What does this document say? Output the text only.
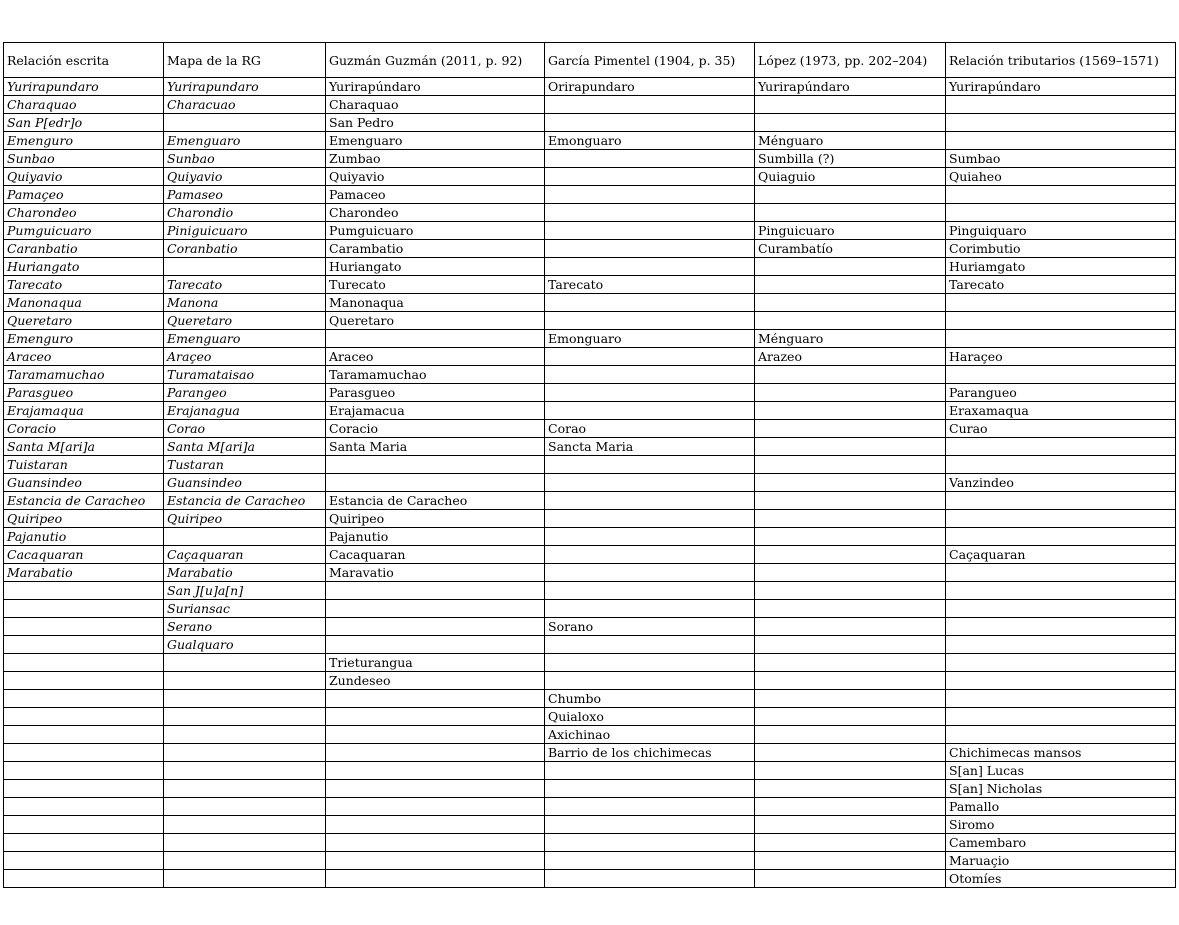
Relación escrita	Mapa de la RG	Guzmán Guzmán (2011, p. 92)	García Pimentel (1904, p. 35)	López (1973, pp. 202–204)	Relación tributarios (1569–1571)
Yurirapundaro	Yurirapundaro	Yurirapúndaro	Orirapundaro	Yurirapúndaro	Yurirapúndaro
Charaquao	Characuao	Charaquao			
San P[edr]o		San Pedro			
Emenguro	Emenguaro	Emenguaro	Emonguaro	Ménguaro	
Sunbao	Sunbao	Zumbao		Sumbilla (?)	Sumbao
Quiyavio	Quiyavio	Quiyavio		Quiaguio	Quiaheo
Pamaçeo	Pamaseo	Pamaceo			
Charondeo	Charondio	Charondeo			
Pumguicuaro	Piniguicuaro	Pumguicuaro		Pinguicuaro	Pinguiquaro
Caranbatio	Coranbatio	Carambatio		Curambatío	Corimbutio
Huriangato		Huriangato			Huriamgato
Tarecato	Tarecato	Turecato	Tarecato		Tarecato
Manonaqua	Manona	Manonaqua			
Queretaro	Queretaro	Queretaro			
Emenguro	Emenguaro		Emonguaro	Ménguaro	
Araceo	Araçeo	Araceo		Arazeo	Haraçeo
Taramamuchao	Turamataisao	Taramamuchao			
Parasgueo	Parangeo	Parasgueo			Parangueo
Erajamaqua	Erajanagua	Erajamacua			Eraxamaqua
Coracio	Corao	Coracio	Corao		Curao
Santa M[ari]a	Santa M[ari]a	Santa Maria	Sancta Maria		
Tuistaran	Tustaran				
Guansindeo	Guansindeo				Vanzindeo
Estancia de Caracheo	Estancia de Caracheo	Estancia de Caracheo			
Quiripeo	Quiripeo	Quiripeo			
Pajanutio		Pajanutio			
Cacaquaran	Caçaquaran	Cacaquaran			Caçaquaran
Marabatio	Marabatio	Maravatio			
	San J[u]a[n]				
	Suriansac				
	Serano		Sorano		
	Gualquaro				
		Trieturangua			
		Zundeseo			
			Chumbo		
			Quialoxo		
			Axichinao		
			Barrio de los chichimecas		Chichimecas mansos
					S[an] Lucas
					S[an] Nicholas
					Pamallo
					Siromo
					Camembaro
					Maruaçio
					Otomíes
